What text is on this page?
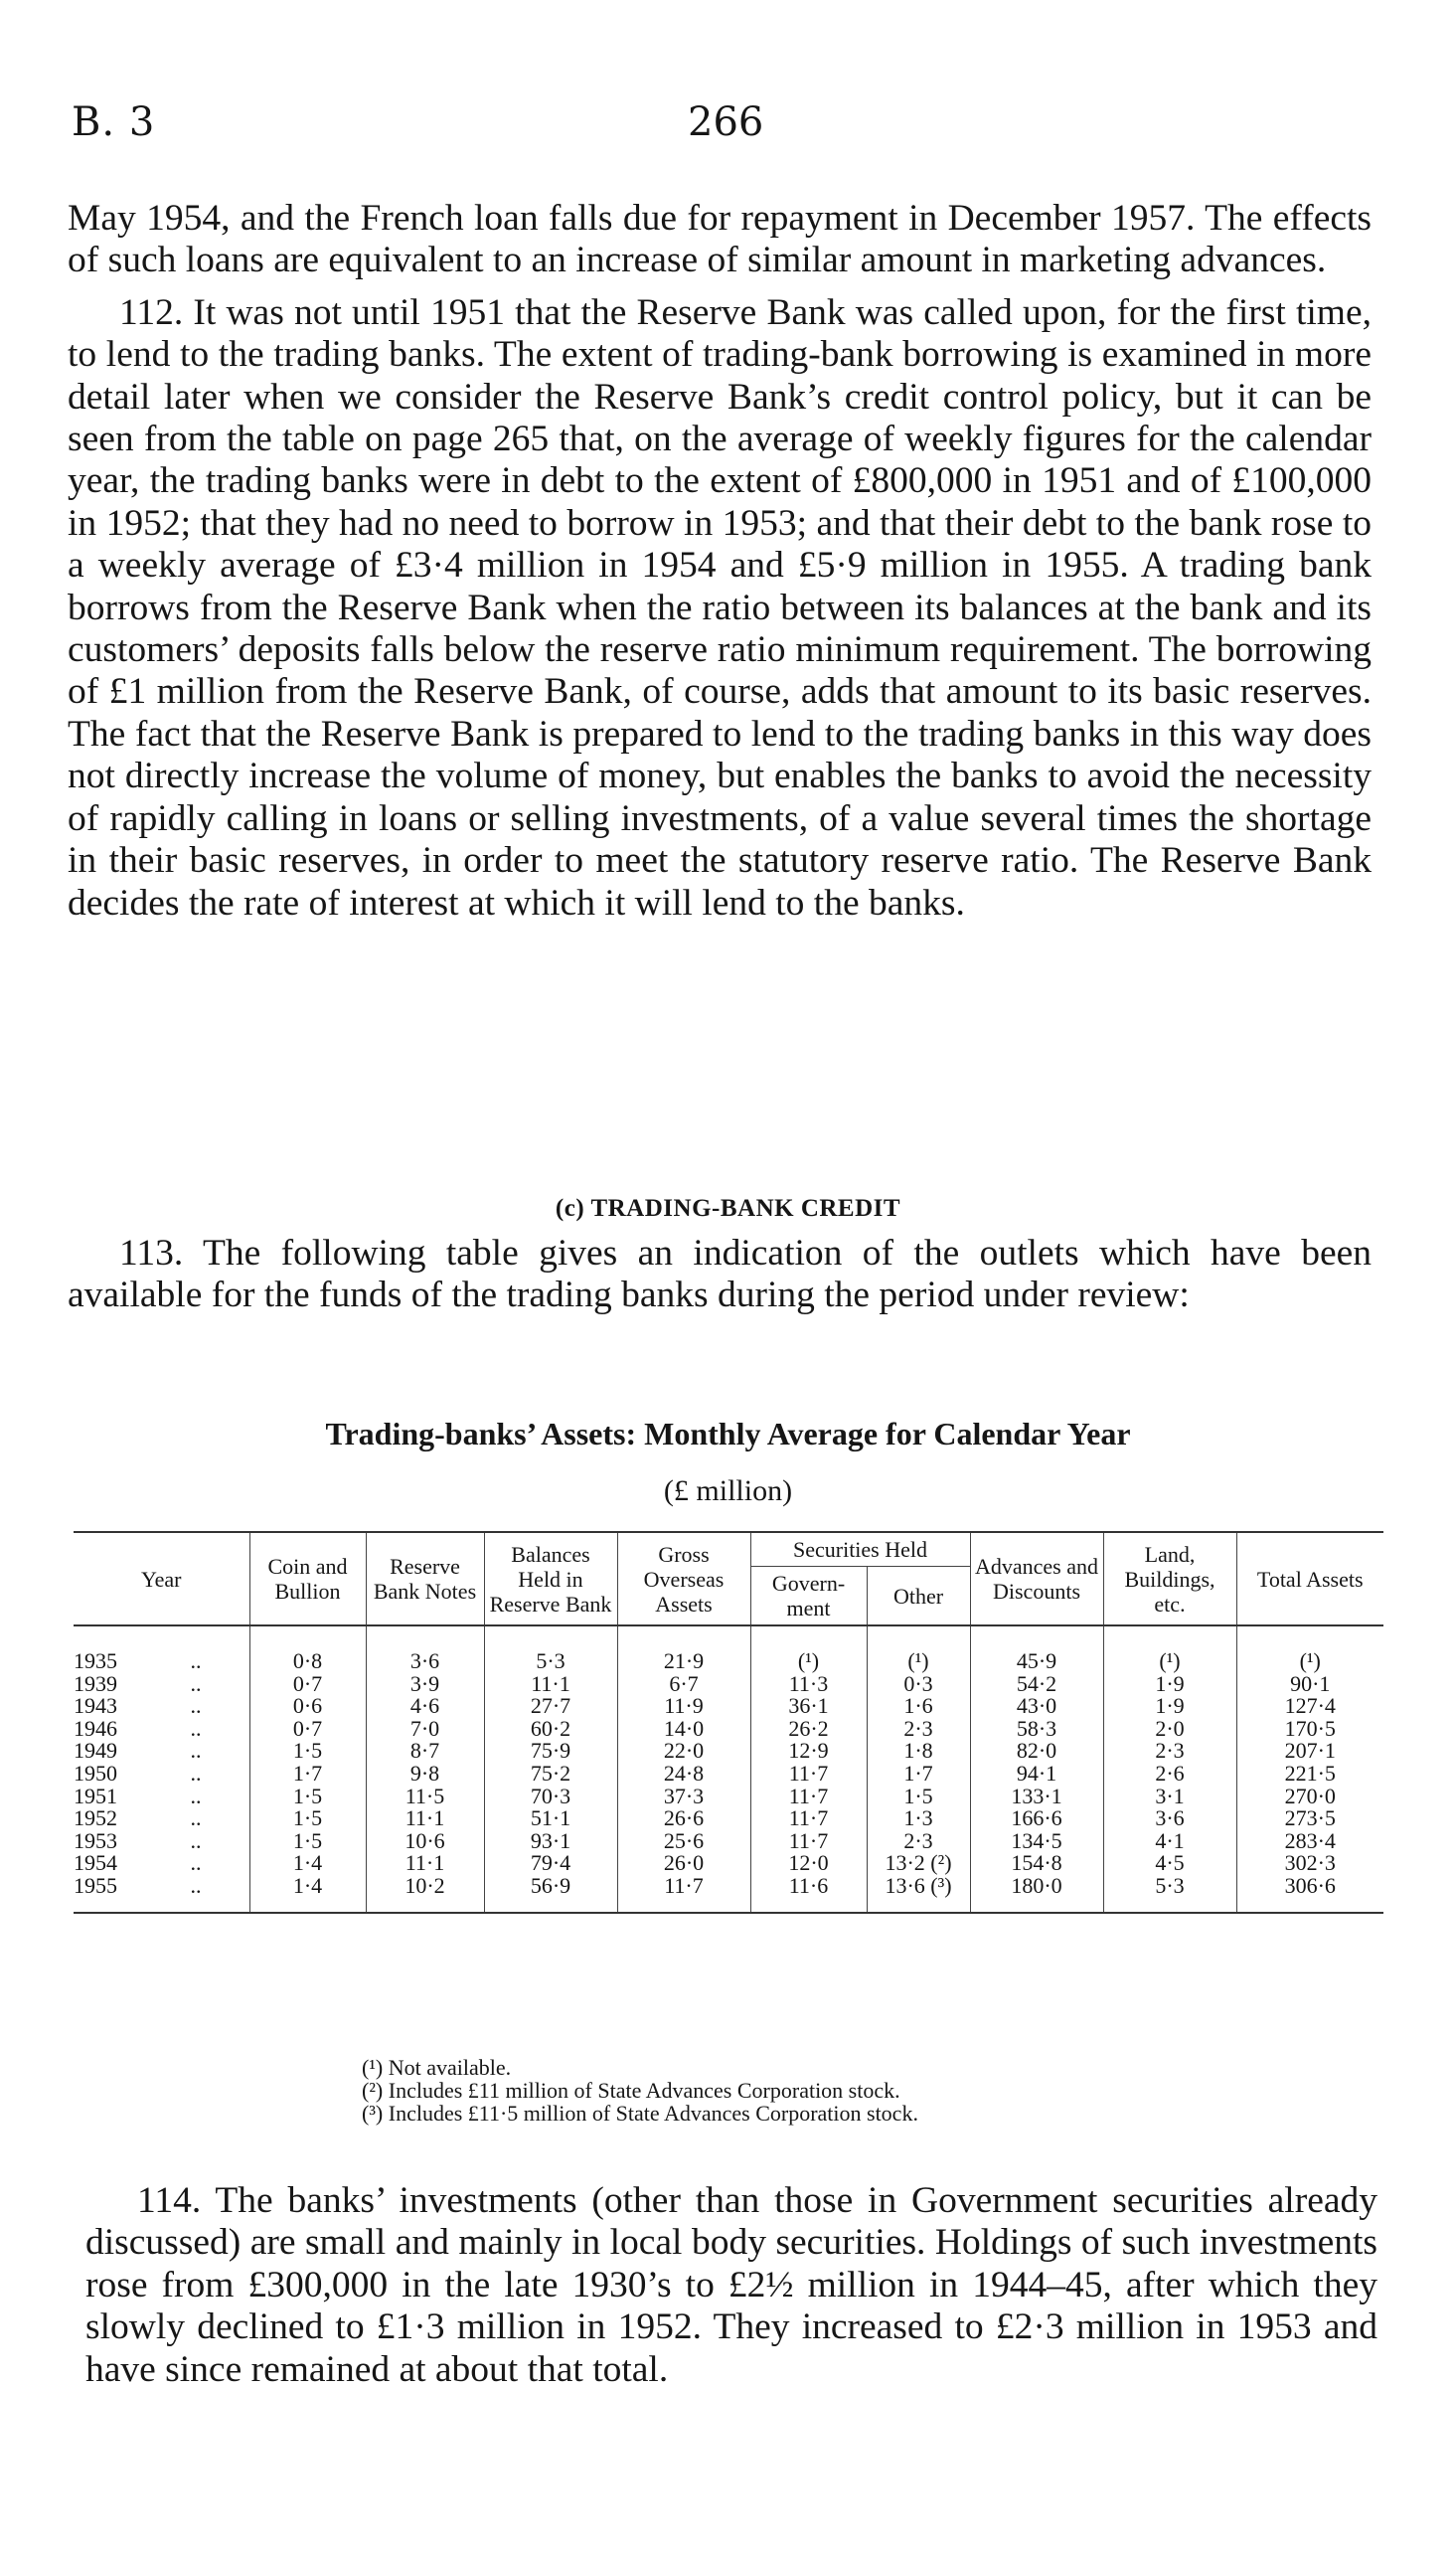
B. 3	266

May 1954, and the French loan falls due for repayment in December 1957. The effects of such loans are equivalent to an increase of similar amount in marketing advances.

112. It was not until 1951 that the Reserve Bank was called upon, for the first time, to lend to the trading banks. The extent of trading-bank borrowing is examined in more detail later when we consider the Reserve Bank’s credit control policy, but it can be seen from the table on page 265 that, on the average of weekly figures for the calendar year, the trading banks were in debt to the extent of £800,000 in 1951 and of £100,000 in 1952; that they had no need to borrow in 1953; and that their debt to the bank rose to a weekly average of £3·4 million in 1954 and £5·9 million in 1955. A trading bank borrows from the Reserve Bank when the ratio between its balances at the bank and its customers’ deposits falls below the reserve ratio minimum requirement. The borrowing of £1 million from the Reserve Bank, of course, adds that amount to its basic reserves. The fact that the Reserve Bank is prepared to lend to the trading banks in this way does not directly increase the volume of money, but enables the banks to avoid the necessity of rapidly calling in loans or selling investments, of a value several times the shortage in their basic reserves, in order to meet the statutory reserve ratio. The Reserve Bank decides the rate of interest at which it will lend to the banks.

(c) TRADING-BANK CREDIT

113. The following table gives an indication of the outlets which have been available for the funds of the trading banks during the period under review:

Trading-banks’ Assets: Monthly Average for Calendar Year
(£ million)
Year	Coin and Bullion	Reserve Bank Notes	Balances Held in Reserve Bank	Gross Overseas Assets	Securities Held		Advances and Discounts	Land, Buildings, etc.	Total Assets
					Govern-ment	Other			
1935 ..	0·8	3·6	5·3	21·9	(¹)	(¹)	45·9	(¹)	(¹)
1939 ..	0·7	3·9	11·1	6·7	11·3	0·3	54·2	1·9	90·1
1943 ..	0·6	4·6	27·7	11·9	36·1	1·6	43·0	1·9	127·4
1946 ..	0·7	7·0	60·2	14·0	26·2	2·3	58·3	2·0	170·5
1949 ..	1·5	8·7	75·9	22·0	12·9	1·8	82·0	2·3	207·1
1950 ..	1·7	9·8	75·2	24·8	11·7	1·7	94·1	2·6	221·5
1951 ..	1·5	11·5	70·3	37·3	11·7	1·5	133·1	3·1	270·0
1952 ..	1·5	11·1	51·1	26·6	11·7	1·3	166·6	3·6	273·5
1953 ..	1·5	10·6	93·1	25·6	11·7	2·3	134·5	4·1	283·4
1954 ..	1·4	11·1	79·4	26·0	12·0	13·2 (²)	154·8	4·5	302·3
1955 ..	1·4	10·2	56·9	11·7	11·6	13·6 (³)	180·0	5·3	306·6
(¹) Not available.
(²) Includes £11 million of State Advances Corporation stock.
(³) Includes £11·5 million of State Advances Corporation stock.

114. The banks’ investments (other than those in Government securities already discussed) are small and mainly in local body securities. Holdings of such investments rose from £300,000 in the late 1930’s to £2½ million in 1944–45, after which they slowly declined to £1·3 million in 1952. They increased to £2·3 million in 1953 and have since remained at about that total.
